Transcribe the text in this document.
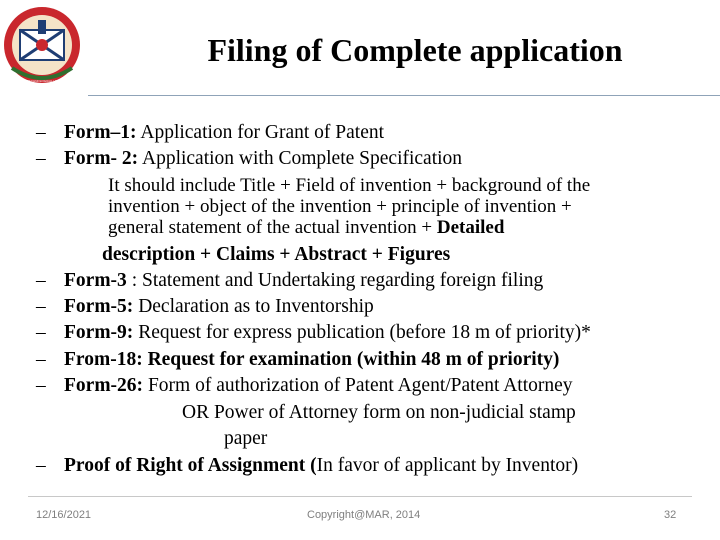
GUJARAT TECHNOLOGICAL UNIVERSITY
Filing of Complete application
– Form–1: Application for Grant of Patent
– Form- 2: Application with Complete Specification
It should include Title + Field of invention + background of the
invention + object of the invention + principle of invention +
general statement of the actual invention + Detailed
description + Claims + Abstract + Figures
– Form-3 : Statement and Undertaking regarding foreign filing
– Form-5: Declaration as to Inventorship
– Form-9: Request for express publication (before 18 m of priority)*
– From-18: Request for examination (within 48 m of priority)
– Form-26: Form of authorization of Patent Agent/Patent Attorney
OR Power of Attorney form on non-judicial stamp
paper
– Proof of Right of Assignment (In favor of applicant by Inventor)
12/16/2021	Copyright@MAR, 2014	32
